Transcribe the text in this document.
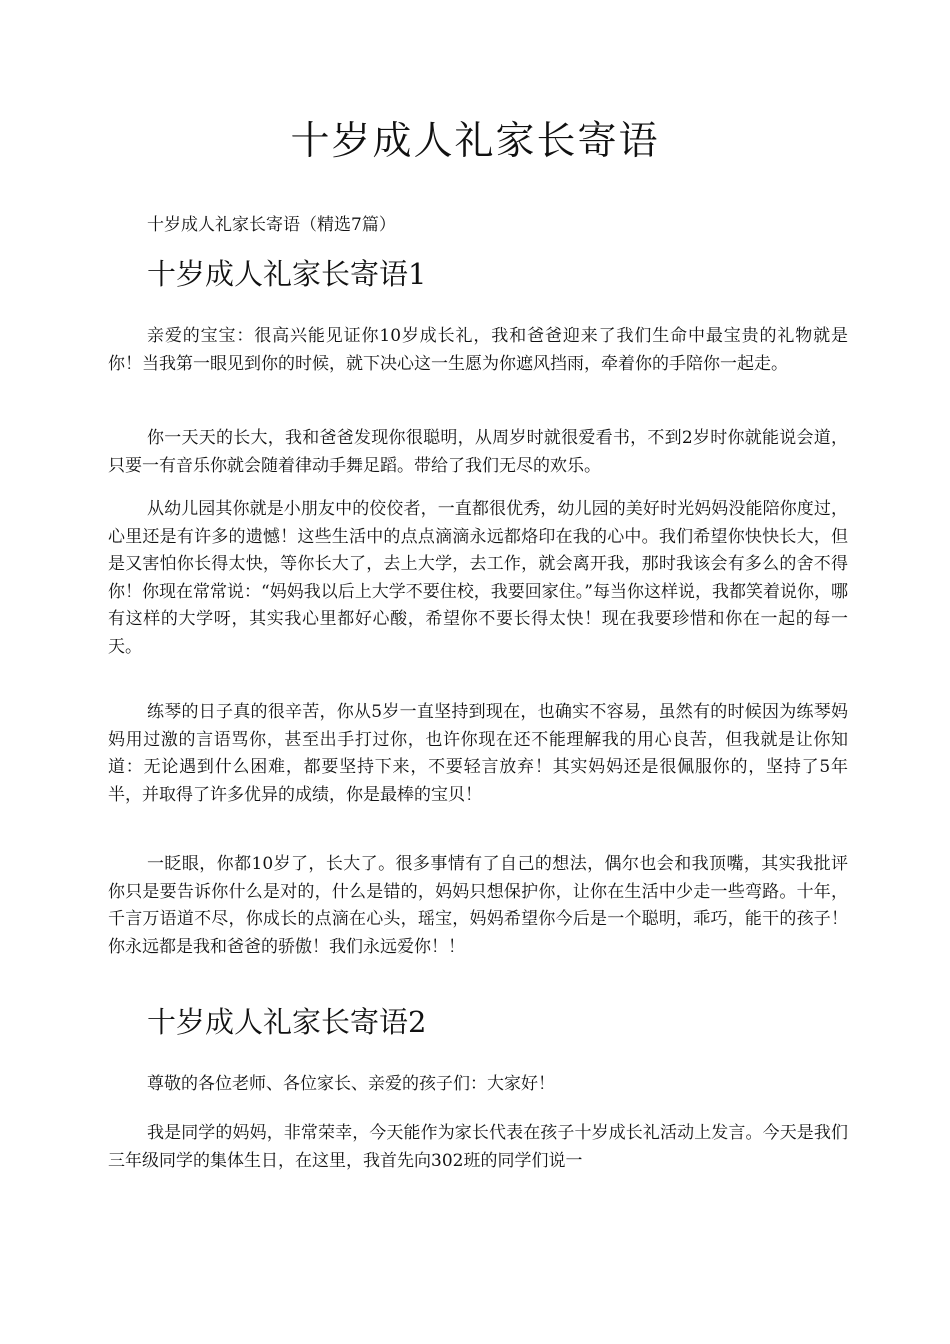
十岁成人礼家长寄语

十岁成人礼家长寄语（精选7篇）

十岁成人礼家长寄语1

亲爱的宝宝：很高兴能见证你10岁成长礼，我和爸爸迎来了我们生命中最宝贵的礼物就是你！当我第一眼见到你的时候，就下决心这一生愿为你遮风挡雨，牵着你的手陪你一起走。

你一天天的长大，我和爸爸发现你很聪明，从周岁时就很爱看书，不到2岁时你就能说会道，只要一有音乐你就会随着律动手舞足蹈。带给了我们无尽的欢乐。

从幼儿园其你就是小朋友中的佼佼者，一直都很优秀，幼儿园的美好时光妈妈没能陪你度过，心里还是有许多的遗憾！这些生活中的点点滴滴永远都烙印在我的心中。我们希望你快快长大，但是又害怕你长得太快，等你长大了，去上大学，去工作，就会离开我，那时我该会有多么的舍不得你！你现在常常说：“妈妈我以后上大学不要住校，我要回家住。”每当你这样说，我都笑着说你，哪有这样的大学呀，其实我心里都好心酸，希望你不要长得太快！现在我要珍惜和你在一起的每一天。

练琴的日子真的很辛苦，你从5岁一直坚持到现在，也确实不容易，虽然有的时候因为练琴妈妈用过激的言语骂你，甚至出手打过你，也许你现在还不能理解我的用心良苦，但我就是让你知道：无论遇到什么困难，都要坚持下来，不要轻言放弃！其实妈妈还是很佩服你的，坚持了5年半，并取得了许多优异的成绩，你是最棒的宝贝！

一眨眼，你都10岁了，长大了。很多事情有了自己的想法，偶尔也会和我顶嘴，其实我批评你只是要告诉你什么是对的，什么是错的，妈妈只想保护你，让你在生活中少走一些弯路。十年，千言万语道不尽，你成长的点滴在心头，瑶宝，妈妈希望你今后是一个聪明，乖巧，能干的孩子！你永远都是我和爸爸的骄傲！我们永远爱你！！

十岁成人礼家长寄语2

尊敬的各位老师、各位家长、亲爱的孩子们：大家好！

我是同学的妈妈，非常荣幸，今天能作为家长代表在孩子十岁成长礼活动上发言。今天是我们三年级同学的集体生日，在这里，我首先向302班的同学们说一
